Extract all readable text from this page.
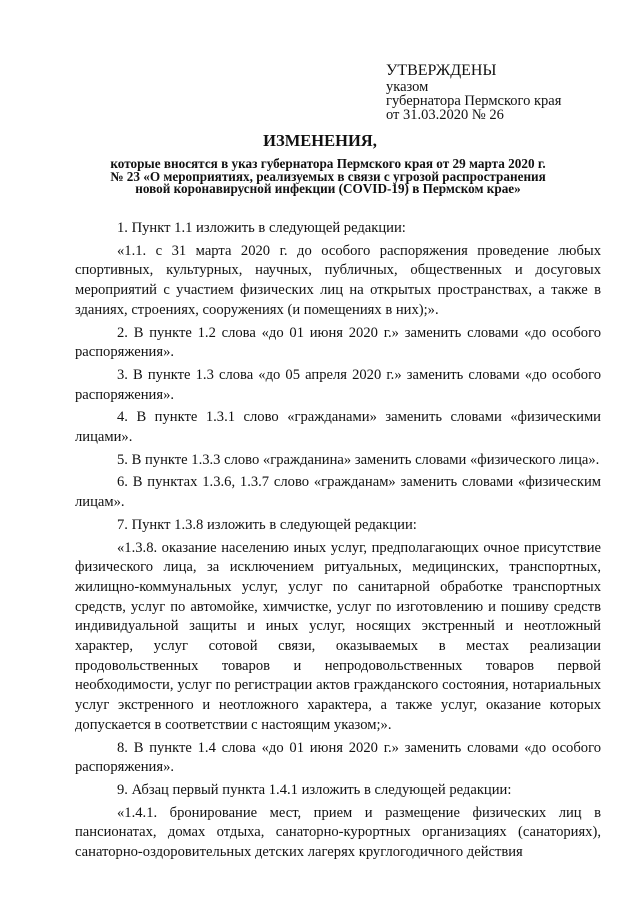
УТВЕРЖДЕНЫ
указом
губернатора Пермского края
от 31.03.2020 № 26
ИЗМЕНЕНИЯ,
которые вносятся в указ губернатора Пермского края от 29 марта 2020 г.
№ 23 «О мероприятиях, реализуемых в связи с угрозой распространения
новой коронавирусной инфекции (COVID-19) в Пермском крае»

1. Пункт 1.1 изложить в следующей редакции:

«1.1. с 31 марта 2020 г. до особого распоряжения проведение любых спортивных, культурных, научных, публичных, общественных и досуговых мероприятий с участием физических лиц на открытых пространствах, а также в зданиях, строениях, сооружениях (и помещениях в них);».

2. В пункте 1.2 слова «до 01 июня 2020 г.» заменить словами «до особого распоряжения».

3. В пункте 1.3 слова «до 05 апреля 2020 г.» заменить словами «до особого распоряжения».

4. В пункте 1.3.1 слово «гражданами» заменить словами «физическими лицами».

5. В пункте 1.3.3 слово «гражданина» заменить словами «физического лица».

6. В пунктах 1.3.6, 1.3.7 слово «гражданам» заменить словами «физическим лицам».

7. Пункт 1.3.8 изложить в следующей редакции:

«1.3.8. оказание населению иных услуг, предполагающих очное присутствие физического лица, за исключением ритуальных, медицинских, транспортных, жилищно-коммунальных услуг, услуг по санитарной обработке транспортных средств, услуг по автомойке, химчистке, услуг по изготовлению и пошиву средств индивидуальной защиты и иных услуг, носящих экстренный и неотложный характер, услуг сотовой связи, оказываемых в местах реализации продовольственных товаров и непродовольственных товаров первой необходимости, услуг по регистрации актов гражданского состояния, нотариальных услуг экстренного и неотложного характера, а также услуг, оказание которых допускается в соответствии с настоящим указом;».

8. В пункте 1.4 слова «до 01 июня 2020 г.» заменить словами «до особого распоряжения».

9. Абзац первый пункта 1.4.1 изложить в следующей редакции:

«1.4.1. бронирование мест, прием и размещение физических лиц в пансионатах, домах отдыха, санаторно-курортных организациях (санаториях), санаторно-оздоровительных детских лагерях круглогодичного действия
